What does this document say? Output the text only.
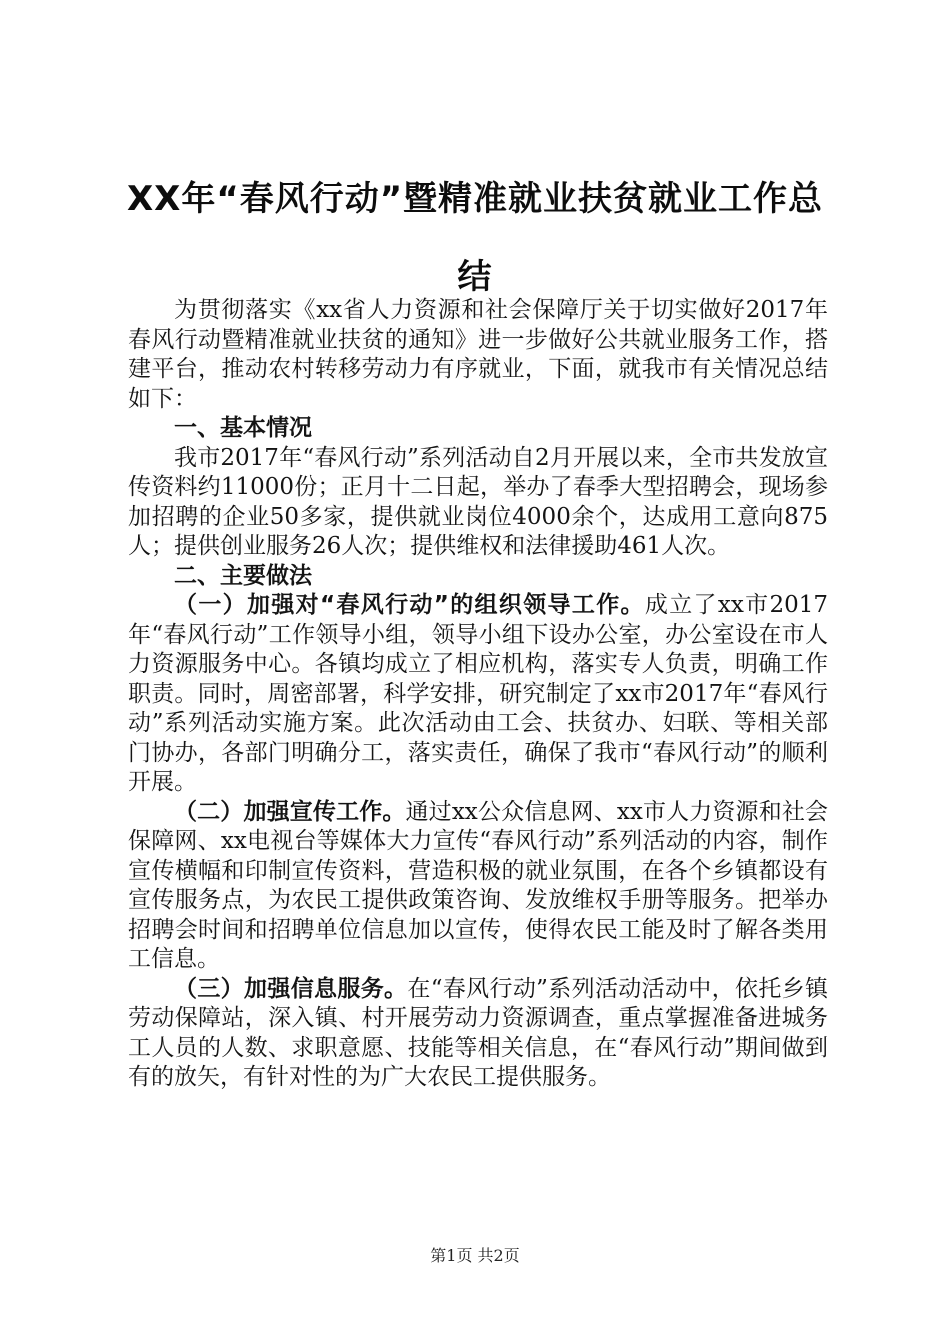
XX年“春风行动”暨精准就业扶贫就业工作总结

为贯彻落实《xx省人力资源和社会保障厅关于切实做好2017年春风行动暨精准就业扶贫的通知》进一步做好公共就业服务工作，搭建平台，推动农村转移劳动力有序就业，下面，就我市有关情况总结如下：

一、基本情况

我市2017年“春风行动”系列活动自2月开展以来，全市共发放宣传资料约11000份；正月十二日起，举办了春季大型招聘会，现场参加招聘的企业50多家，提供就业岗位4000余个，达成用工意向875人；提供创业服务26人次；提供维权和法律援助461人次。

二、主要做法

（一）加强对“春风行动”的组织领导工作。成立了xx市2017年“春风行动”工作领导小组，领导小组下设办公室，办公室设在市人力资源服务中心。各镇均成立了相应机构，落实专人负责，明确工作职责。同时，周密部署，科学安排，研究制定了xx市2017年“春风行动”系列活动实施方案。此次活动由工会、扶贫办、妇联、等相关部门协办，各部门明确分工，落实责任，确保了我市“春风行动”的顺利开展。

（二）加强宣传工作。通过xx公众信息网、xx市人力资源和社会保障网、xx电视台等媒体大力宣传“春风行动”系列活动的内容，制作宣传横幅和印制宣传资料，营造积极的就业氛围，在各个乡镇都设有宣传服务点，为农民工提供政策咨询、发放维权手册等服务。把举办招聘会时间和招聘单位信息加以宣传，使得农民工能及时了解各类用工信息。

（三）加强信息服务。在“春风行动”系列活动活动中，依托乡镇劳动保障站，深入镇、村开展劳动力资源调查，重点掌握准备进城务工人员的人数、求职意愿、技能等相关信息，在“春风行动”期间做到有的放矢，有针对性的为广大农民工提供服务。

第1页 共2页
